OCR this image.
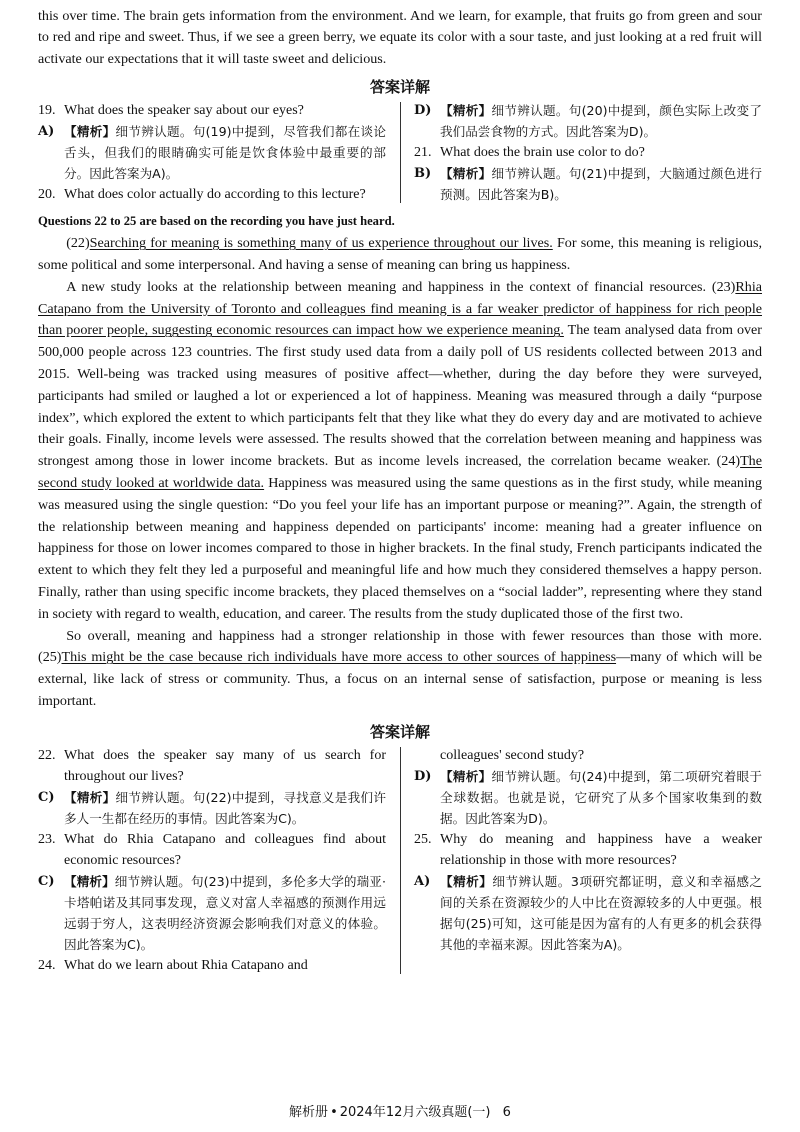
this over time. The brain gets information from the environment. And we learn, for example, that fruits go from green and sour to red and ripe and sweet. Thus, if we see a green berry, we equate its color with a sour taste, and just looking at a red fruit will activate our expectations that it will taste sweet and delicious.

答案详解
19. What does the speaker say about our eyes?
A) 【精析】细节辨认题。句(19)中提到，尽管我们都在谈论舌头，但我们的眼睛确实可能是饮食体验中最重要的部分。因此答案为A)。
20. What does color actually do according to this lecture?
D) 【精析】细节辨认题。句(20)中提到，颜色实际上改变了我们品尝食物的方式。因此答案为D)。
21. What does the brain use color to do?
B) 【精析】细节辨认题。句(21)中提到，大脑通过颜色进行预测。因此答案为B)。

Questions 22 to 25 are based on the recording you have just heard.

(22)Searching for meaning is something many of us experience throughout our lives. For some, this meaning is religious, some political and some interpersonal. And having a sense of meaning can bring us happiness.

A new study looks at the relationship between meaning and happiness in the context of financial resources. (23)Rhia Catapano from the University of Toronto and colleagues find meaning is a far weaker predictor of happiness for rich people than poorer people, suggesting economic resources can impact how we experience meaning. The team analysed data from over 500,000 people across 123 countries. The first study used data from a daily poll of US residents collected between 2013 and 2015. Well-being was tracked using measures of positive affect—whether, during the day before they were surveyed, participants had smiled or laughed a lot or experienced a lot of happiness. Meaning was measured through a daily “purpose index”, which explored the extent to which participants felt that they like what they do every day and are motivated to achieve their goals. Finally, income levels were assessed. The results showed that the correlation between meaning and happiness was strongest among those in lower income brackets. But as income levels increased, the correlation became weaker. (24)The second study looked at worldwide data. Happiness was measured using the same questions as in the first study, while meaning was measured using the single question: “Do you feel your life has an important purpose or meaning?”. Again, the strength of the relationship between meaning and happiness depended on participants' income: meaning had a greater influence on happiness for those on lower incomes compared to those in higher brackets. In the final study, French participants indicated the extent to which they felt they led a purposeful and meaningful life and how much they considered themselves a happy person. Finally, rather than using specific income brackets, they placed themselves on a “social ladder”, representing where they stand in society with regard to wealth, education, and career. The results from the study duplicated those of the first two.

So overall, meaning and happiness had a stronger relationship in those with fewer resources than those with more. (25)This might be the case because rich individuals have more access to other sources of happiness—many of which will be external, like lack of stress or community. Thus, a focus on an internal sense of satisfaction, purpose or meaning is less important.

答案详解
22. What does the speaker say many of us search for throughout our lives?
C) 【精析】细节辨认题。句(22)中提到，寻找意义是我们许多人一生都在经历的事情。因此答案为C)。
23. What do Rhia Catapano and colleagues find about economic resources?
C) 【精析】细节辨认题。句(23)中提到，多伦多大学的瑞亚·卡塔帕诺及其同事发现，意义对富人幸福感的预测作用远远弱于穷人，这表明经济资源会影响我们对意义的体验。因此答案为C)。
24. What do we learn about Rhia Catapano and
colleagues' second study?
D) 【精析】细节辨认题。句(24)中提到，第二项研究着眼于全球数据。也就是说，它研究了从多个国家收集到的数据。因此答案为D)。
25. Why do meaning and happiness have a weaker relationship in those with more resources?
A) 【精析】细节辨认题。3项研究都证明，意义和幸福感之间的关系在资源较少的人中比在资源较多的人中更强。根据句(25)可知，这可能是因为富有的人有更多的机会获得其他的幸福来源。因此答案为A)。
解析册 • 2024年12月六级真题(一) 6
